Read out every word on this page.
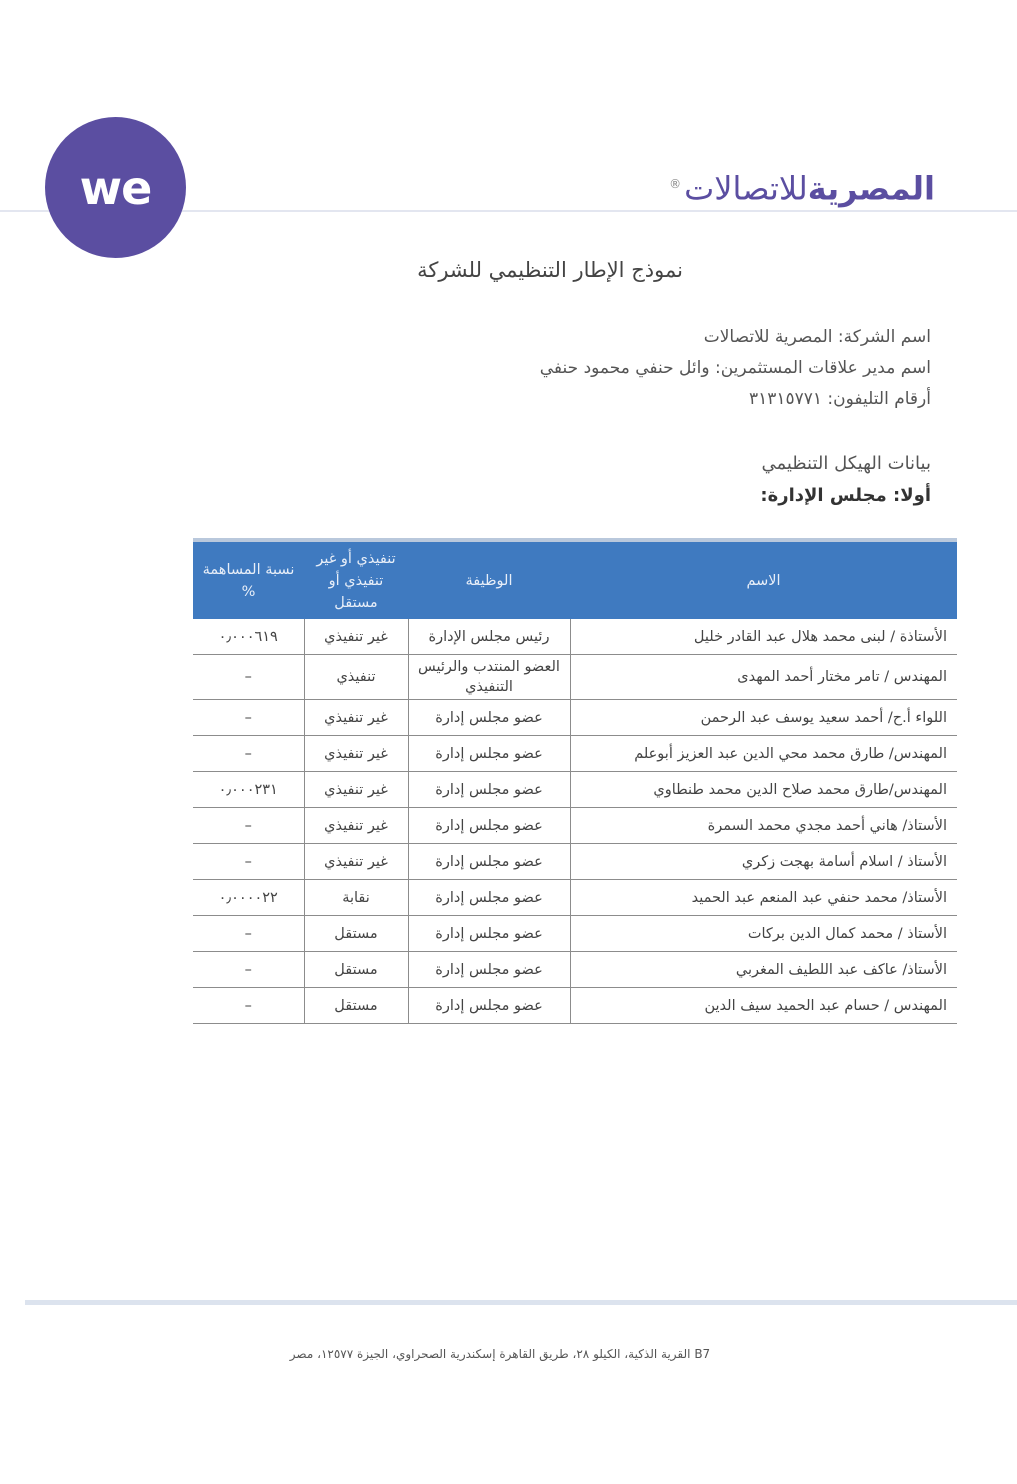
we	المصريةللاتصالات®
نموذج الإطار التنظيمي للشركة
اسم الشركة: المصرية للاتصالات
اسم مدير علاقات المستثمرين: وائل حنفي محمود حنفي
أرقام التليفون: ٣١٣١٥٧٧١
بيانات الهيكل التنظيمي
أولا: مجلس الإدارة:
الاسم	الوظيفة	تنفيذي أو غير تنفيذي أو مستقل	نسبة المساهمة %
الأستاذة / لبنى محمد هلال عبد القادر خليل	رئيس مجلس الإدارة	غير تنفيذي	٠٫٠٠٠٦١٩
المهندس / تامر مختار أحمد المهدى	العضو المنتدب والرئيس التنفيذي	تنفيذي	–
اللواء أ.ح/ أحمد سعيد يوسف عبد الرحمن	عضو مجلس إدارة	غير تنفيذي	–
المهندس/ طارق محمد محي الدين عبد العزيز أبوعلم	عضو مجلس إدارة	غير تنفيذي	–
المهندس/طارق محمد صلاح الدين محمد طنطاوي	عضو مجلس إدارة	غير تنفيذي	٠٫٠٠٠٢٣١
الأستاذ/ هاني أحمد مجدي محمد السمرة	عضو مجلس إدارة	غير تنفيذي	–
الأستاذ / اسلام أسامة بهجت زكري	عضو مجلس إدارة	غير تنفيذي	–
الأستاذ/ محمد حنفي عبد المنعم عبد الحميد	عضو مجلس إدارة	نقابة	٠٫٠٠٠٠٢٢
الأستاذ / محمد كمال الدين بركات	عضو مجلس إدارة	مستقل	–
الأستاذ/ عاكف عبد اللطيف المغربي	عضو مجلس إدارة	مستقل	–
المهندس / حسام عبد الحميد سيف الدين	عضو مجلس إدارة	مستقل	–
B7 القرية الذكية، الكيلو ٢٨، طريق القاهرة إسكندرية الصحراوي، الجيزة ١٢٥٧٧، مصر
